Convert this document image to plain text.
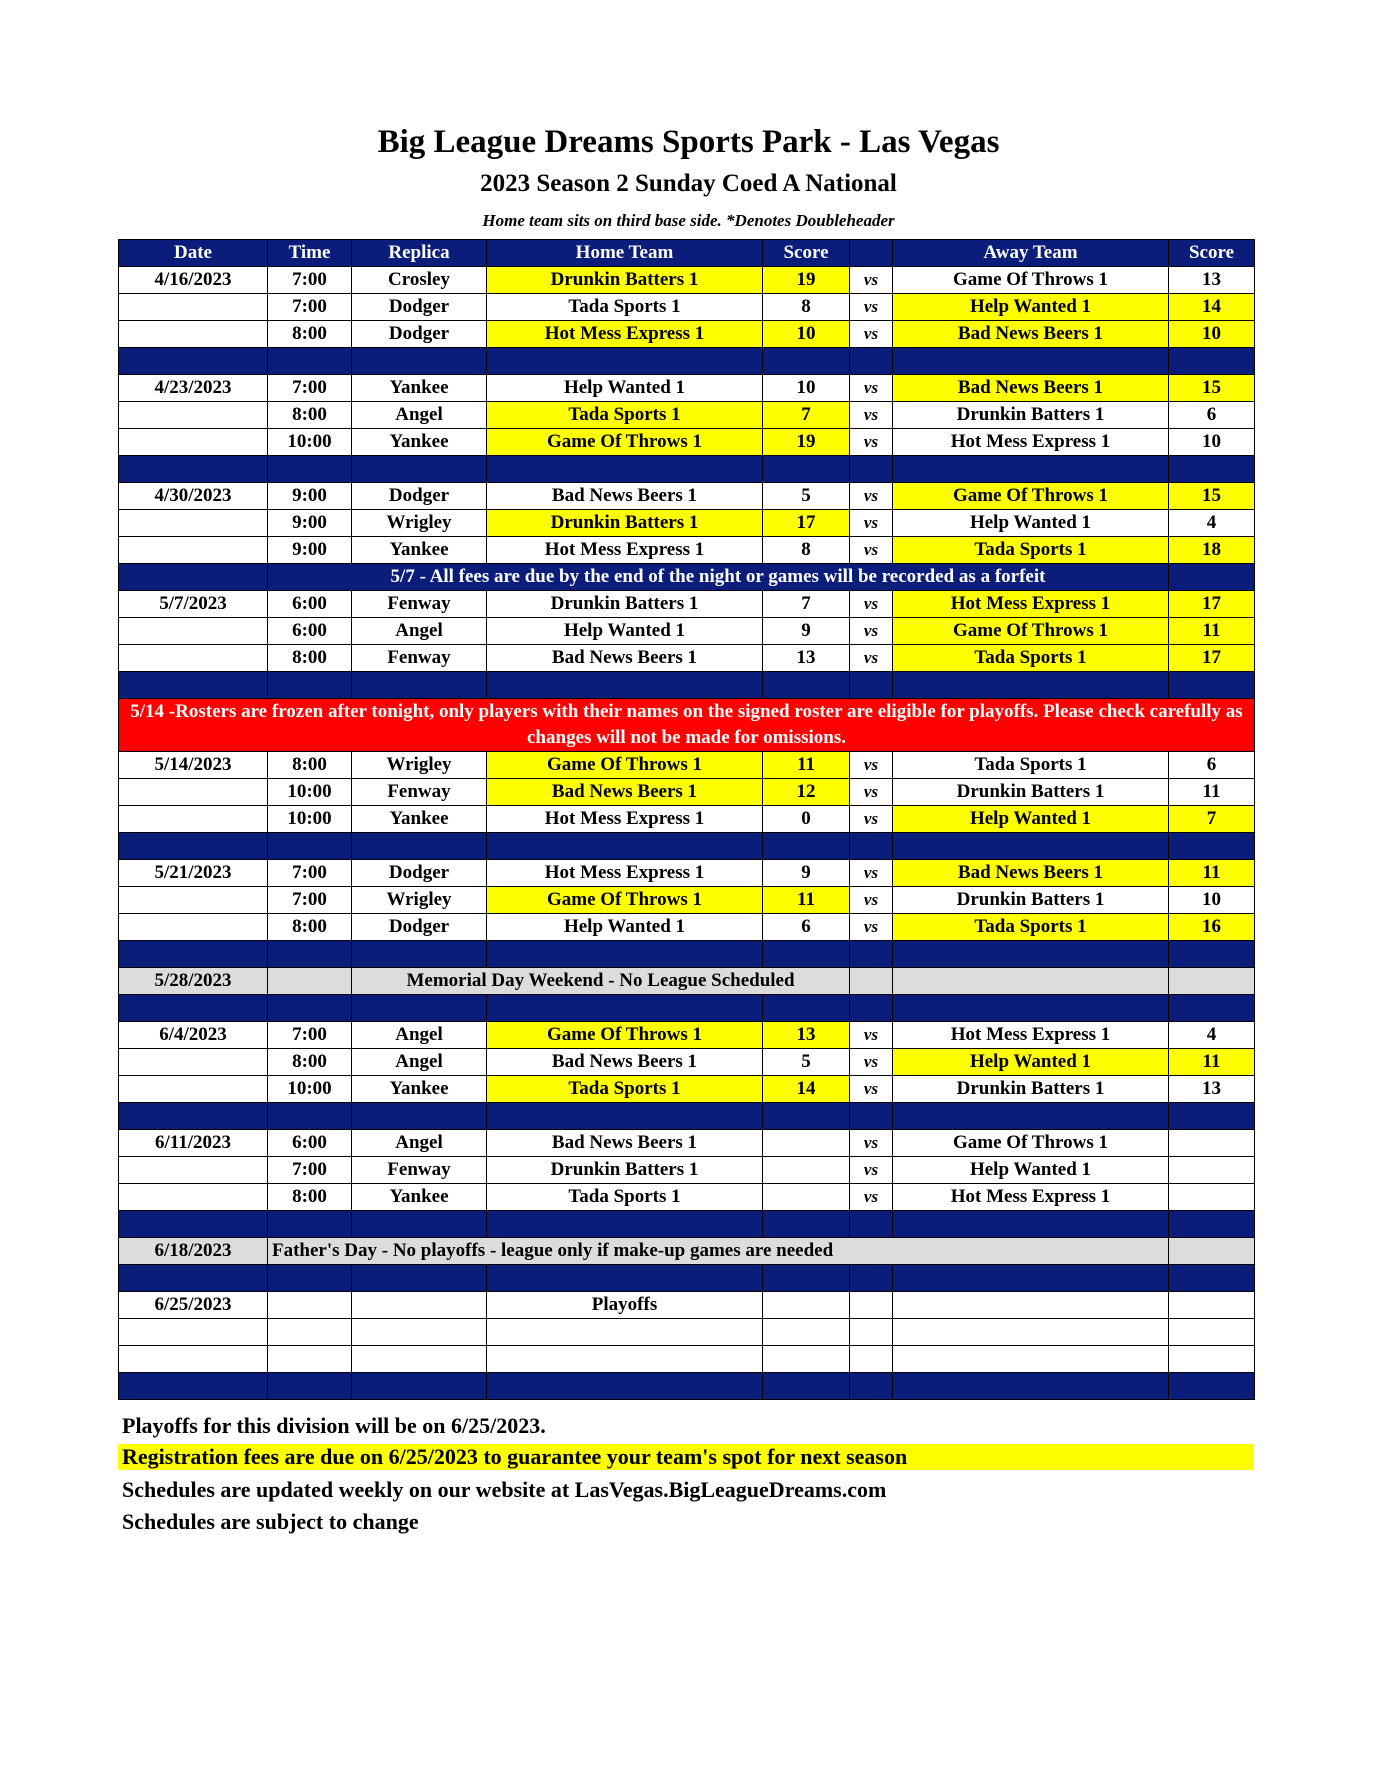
Big League Dreams Sports Park - Las Vegas
2023 Season 2 Sunday Coed A National
Home team sits on third base side. *Denotes Doubleheader
Date	Time	Replica	Home Team	Score		Away Team	Score
4/16/2023	7:00	Crosley	Drunkin Batters 1	19	vs	Game Of Throws 1	13
	7:00	Dodger	Tada Sports 1	8	vs	Help Wanted 1	14
	8:00	Dodger	Hot Mess Express 1	10	vs	Bad News Beers 1	10

4/23/2023	7:00	Yankee	Help Wanted 1	10	vs	Bad News Beers 1	15
	8:00	Angel	Tada Sports 1	7	vs	Drunkin Batters 1	6
	10:00	Yankee	Game Of Throws 1	19	vs	Hot Mess Express 1	10

4/30/2023	9:00	Dodger	Bad News Beers 1	5	vs	Game Of Throws 1	15
	9:00	Wrigley	Drunkin Batters 1	17	vs	Help Wanted 1	4
	9:00	Yankee	Hot Mess Express 1	8	vs	Tada Sports 1	18
	5/7 - All fees are due by the end of the night or games will be recorded as a forfeit						
5/7/2023	6:00	Fenway	Drunkin Batters 1	7	vs	Hot Mess Express 1	17
	6:00	Angel	Help Wanted 1	9	vs	Game Of Throws 1	11
	8:00	Fenway	Bad News Beers 1	13	vs	Tada Sports 1	17

5/14 -Rosters are frozen after tonight, only players with their names on the signed roster are eligible for playoffs. Please check carefully as changes will not be made for omissions.							
5/14/2023	8:00	Wrigley	Game Of Throws 1	11	vs	Tada Sports 1	6
	10:00	Fenway	Bad News Beers 1	12	vs	Drunkin Batters 1	11
	10:00	Yankee	Hot Mess Express 1	0	vs	Help Wanted 1	7

5/21/2023	7:00	Dodger	Hot Mess Express 1	9	vs	Bad News Beers 1	11
	7:00	Wrigley	Game Of Throws 1	11	vs	Drunkin Batters 1	10
	8:00	Dodger	Help Wanted 1	6	vs	Tada Sports 1	16

5/28/2023		Memorial Day Weekend - No League Scheduled					

6/4/2023	7:00	Angel	Game Of Throws 1	13	vs	Hot Mess Express 1	4
	8:00	Angel	Bad News Beers 1	5	vs	Help Wanted 1	11
	10:00	Yankee	Tada Sports 1	14	vs	Drunkin Batters 1	13

6/11/2023	6:00	Angel	Bad News Beers 1		vs	Game Of Throws 1	
	7:00	Fenway	Drunkin Batters 1		vs	Help Wanted 1	
	8:00	Yankee	Tada Sports 1		vs	Hot Mess Express 1	

6/18/2023	Father's Day - No playoffs - league only if make-up games are needed						

6/25/2023			Playoffs				

Playoffs for this division will be on 6/25/2023.
Registration fees are due on 6/25/2023 to guarantee your team's spot for next season
Schedules are updated weekly on our website at LasVegas.BigLeagueDreams.com
Schedules are subject to change
